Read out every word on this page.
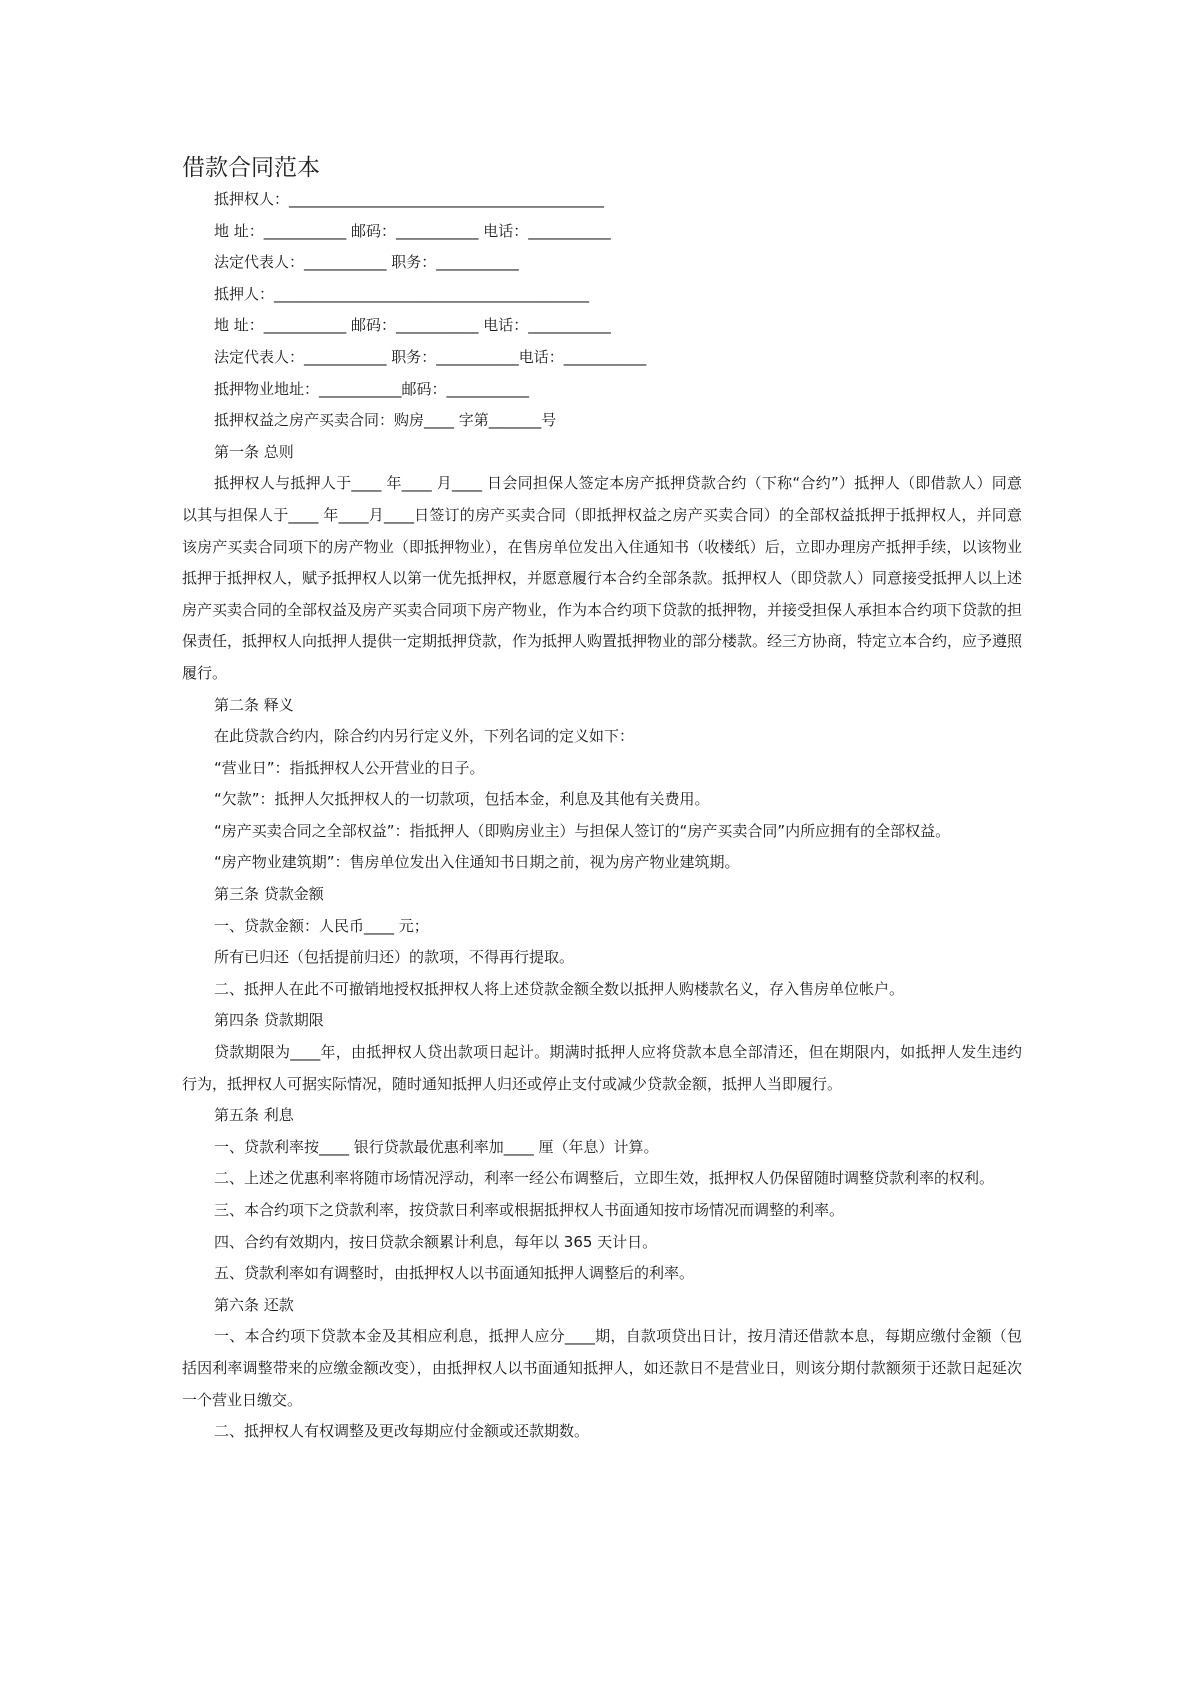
借款合同范本

抵押权人：__________________________________________

地 址：___________ 邮码：___________ 电话：___________

法定代表人：___________ 职务：___________

抵押人：__________________________________________

地 址：___________ 邮码：___________ 电话：___________

法定代表人：___________ 职务：___________电话：___________

抵押物业地址：___________邮码：___________

抵押权益之房产买卖合同：购房____ 字第_______号

第一条 总则

抵押权人与抵押人于____ 年____ 月____ 日会同担保人签定本房产抵押贷款合约（下称“合约”）抵押人（即借款人）同意以其与担保人于____ 年____月____日签订的房产买卖合同（即抵押权益之房产买卖合同）的全部权益抵押于抵押权人，并同意该房产买卖合同项下的房产物业（即抵押物业），在售房单位发出入住通知书（收楼纸）后，立即办理房产抵押手续，以该物业抵押于抵押权人，赋予抵押权人以第一优先抵押权，并愿意履行本合约全部条款。抵押权人（即贷款人）同意接受抵押人以上述房产买卖合同的全部权益及房产买卖合同项下房产物业，作为本合约项下贷款的抵押物，并接受担保人承担本合约项下贷款的担保责任，抵押权人向抵押人提供一定期抵押贷款，作为抵押人购置抵押物业的部分楼款。经三方协商，特定立本合约，应予遵照履行。

第二条 释义

在此贷款合约内，除合约内另行定义外，下列名词的定义如下：

“营业日”：指抵押权人公开营业的日子。

“欠款”：抵押人欠抵押权人的一切款项，包括本金，利息及其他有关费用。

“房产买卖合同之全部权益”：指抵押人（即购房业主）与担保人签订的“房产买卖合同”内所应拥有的全部权益。

“房产物业建筑期”：售房单位发出入住通知书日期之前，视为房产物业建筑期。

第三条 贷款金额

一、贷款金额：人民币____ 元；

所有已归还（包括提前归还）的款项，不得再行提取。

二、抵押人在此不可撤销地授权抵押权人将上述贷款金额全数以抵押人购楼款名义，存入售房单位帐户。

第四条 贷款期限

贷款期限为____年，由抵押权人贷出款项日起计。期满时抵押人应将贷款本息全部清还，但在期限内，如抵押人发生违约行为，抵押权人可据实际情况，随时通知抵押人归还或停止支付或减少贷款金额，抵押人当即履行。

第五条 利息

一、贷款利率按____ 银行贷款最优惠利率加____ 厘（年息）计算。

二、上述之优惠利率将随市场情况浮动，利率一经公布调整后，立即生效，抵押权人仍保留随时调整贷款利率的权利。

三、本合约项下之贷款利率，按贷款日利率或根据抵押权人书面通知按市场情况而调整的利率。

四、合约有效期内，按日贷款余额累计利息，每年以 365 天计日。

五、贷款利率如有调整时，由抵押权人以书面通知抵押人调整后的利率。

第六条 还款

一、本合约项下贷款本金及其相应利息，抵押人应分____期，自款项贷出日计，按月清还借款本息，每期应缴付金额（包括因利率调整带来的应缴金额改变），由抵押权人以书面通知抵押人，如还款日不是营业日，则该分期付款额须于还款日起延次一个营业日缴交。

二、抵押权人有权调整及更改每期应付金额或还款期数。
